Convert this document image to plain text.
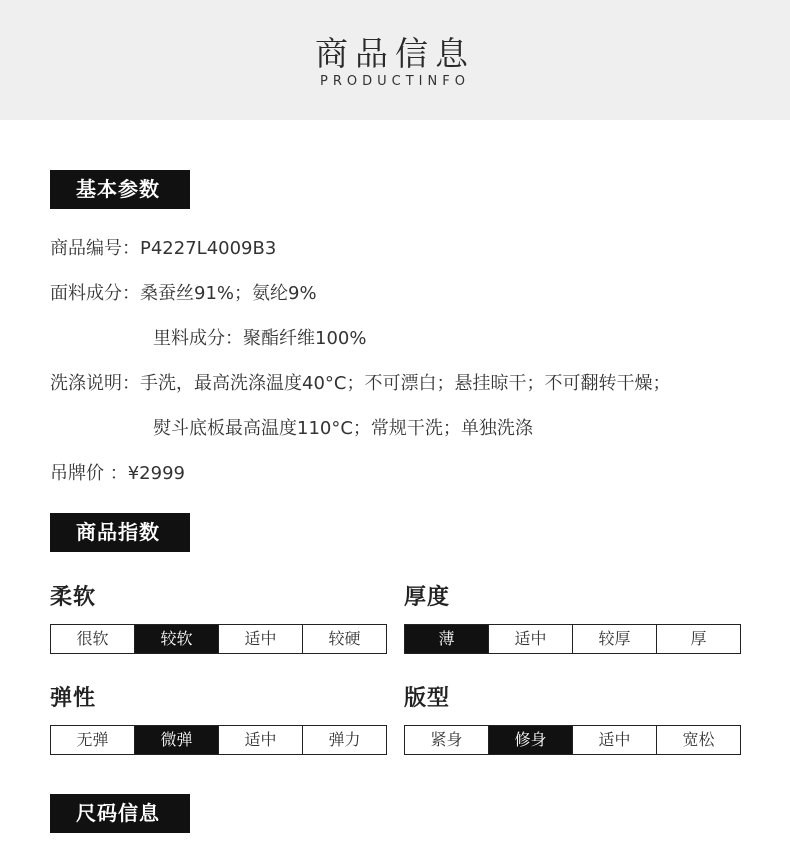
商品信息
PRODUCTINFO
基本参数
商品编号：P4227L4009B3
面料成分：桑蚕丝91%；氨纶9%
里料成分：聚酯纤维100%
洗涤说明：手洗，最高洗涤温度40°C；不可漂白；悬挂晾干；不可翻转干燥；
熨斗底板最高温度110°C；常规干洗；单独洗涤
吊牌价 ：¥2999
商品指数
柔软
很软	较软	适中	较硬
厚度
薄	适中	较厚	厚
弹性
无弹	微弹	适中	弹力
版型
紧身	修身	适中	宽松
尺码信息
